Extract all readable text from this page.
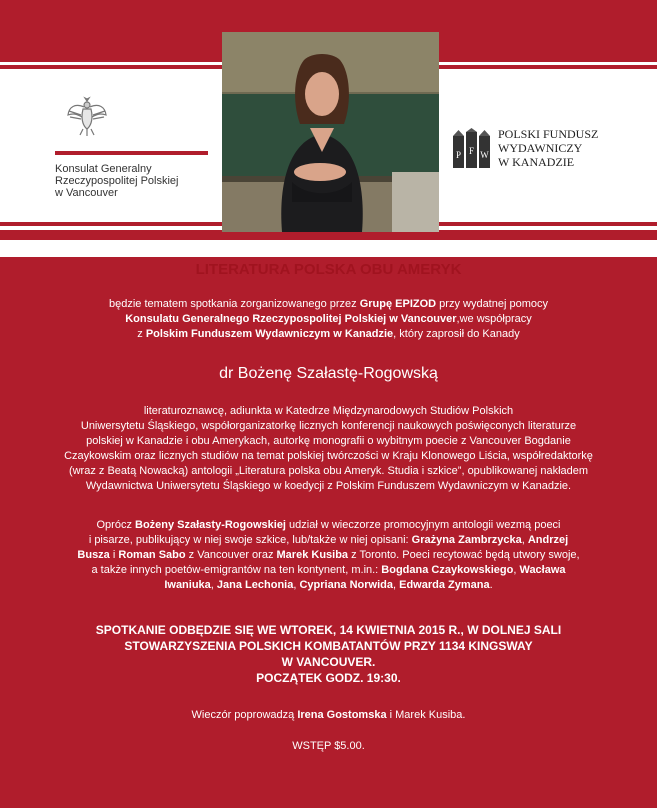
Konsulat Generalny
Rzeczypospolitej Polskiej
w Vancouver
P F W
POLSKI FUNDUSZ
WYDAWNICZY
W KANADZIE
LITERATURA POLSKA OBU AMERYK
będzie tematem spotkania zorganizowanego przez Grupę EPIZOD przy wydatnej pomocy
Konsulatu Generalnego Rzeczypospolitej Polskiej w Vancouver,we współpracy
z Polskim Funduszem Wydawniczym w Kanadzie, który zaprosił do Kanady
dr Bożenę Szałastę-Rogowską
literaturoznawcę, adiunkta w Katedrze Międzynarodowych Studiów Polskich
Uniwersytetu Śląskiego, współorganizatorkę licznych konferencji naukowych poświęconych literaturze
polskiej w Kanadzie i obu Amerykach, autorkę monografii o wybitnym poecie z Vancouver Bogdanie
Czaykowskim oraz licznych studiów na temat polskiej twórczości w Kraju Klonowego Liścia, współredaktorkę
(wraz z Beatą Nowacką) antologii „Literatura polska obu Ameryk. Studia i szkice”, opublikowanej nakładem
Wydawnictwa Uniwersytetu Śląskiego w koedycji z Polskim Funduszem Wydawniczym w Kanadzie.
Oprócz Bożeny Szałasty-Rogowskiej udział w wieczorze promocyjnym antologii wezmą poeci
i pisarze, publikujący w niej swoje szkice, lub/także w niej opisani: Grażyna Zambrzycka, Andrzej
Busza i Roman Sabo z Vancouver oraz Marek Kusiba z Toronto. Poeci recytować będą utwory swoje,
a także innych poetów-emigrantów na ten kontynent, m.in.: Bogdana Czaykowskiego, Wacława
Iwaniuka, Jana Lechonia, Cypriana Norwida, Edwarda Zymana.
SPOTKANIE ODBĘDZIE SIĘ WE WTOREK, 14 KWIETNIA 2015 R., W DOLNEJ SALI
STOWARZYSZENIA POLSKICH KOMBATANTÓW PRZY 1134 KINGSWAY
W VANCOUVER.
POCZĄTEK GODZ. 19:30.
Wieczór poprowadzą Irena Gostomska i Marek Kusiba.
WSTĘP $5.00.
